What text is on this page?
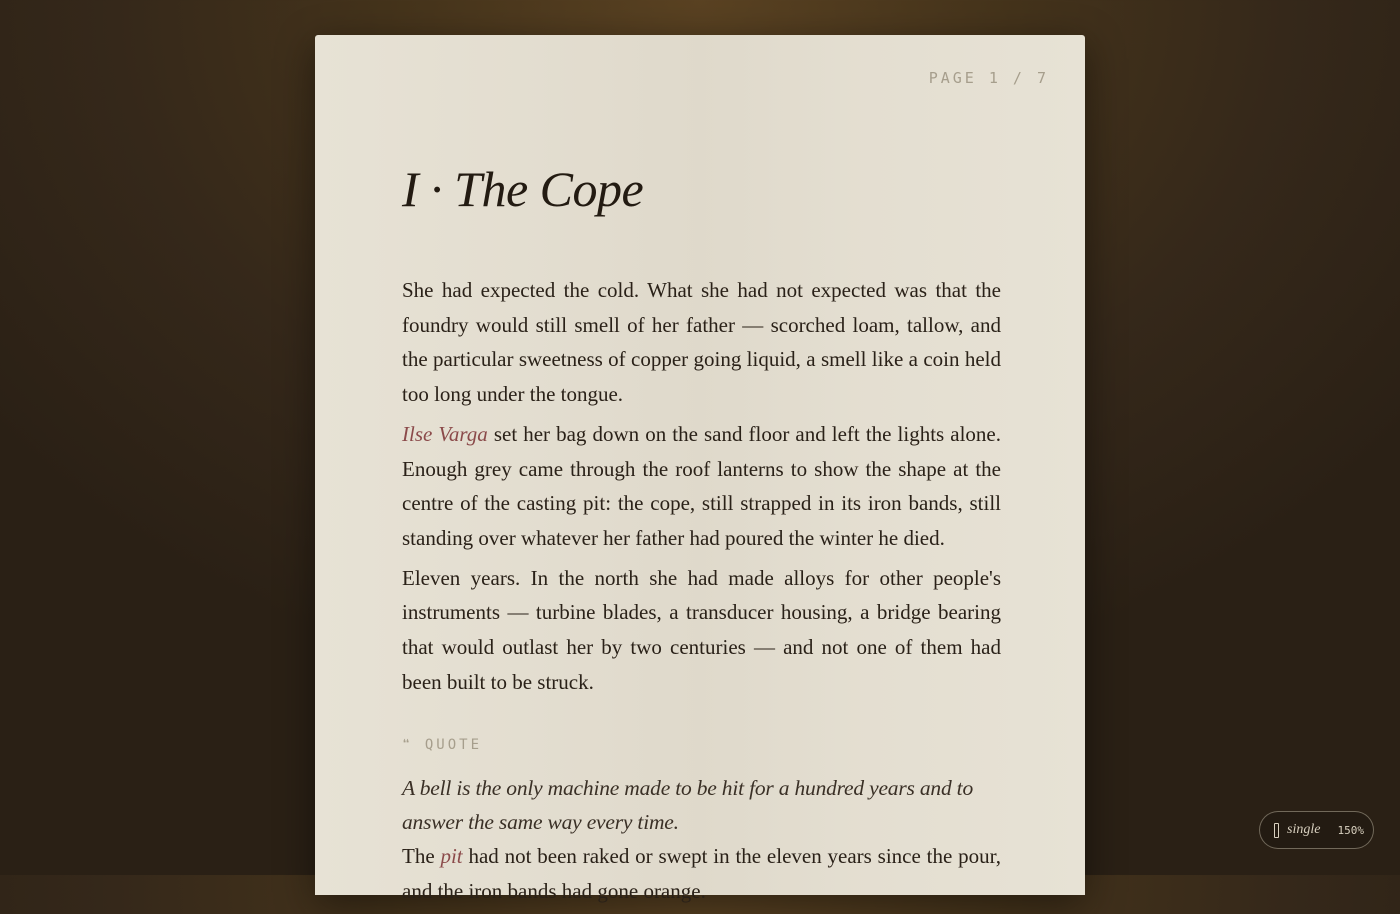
PAGE 1 / 7
I · The Cope

She had expected the cold. What she had not expected was that the foundry would still smell of her father — scorched loam, tallow, and the particular sweetness of copper going liquid, a smell like a coin held too long under the tongue.

Ilse Varga set her bag down on the sand floor and left the lights alone. Enough grey came through the roof lanterns to show the shape at the centre of the casting pit: the cope, still strapped in its iron bands, still standing over whatever her father had poured the winter he died.

Eleven years. In the north she had made alloys for other people's instruments — turbine blades, a transducer housing, a bridge bearing that would outlast her by two centuries — and not one of them had been built to be struck.

❝ QUOTE
A bell is the only machine made to be hit for a hundred years and to answer the same way every time.

The pit had not been raked or swept in the eleven years since the pour, and the iron bands had gone orange.

single 150%
